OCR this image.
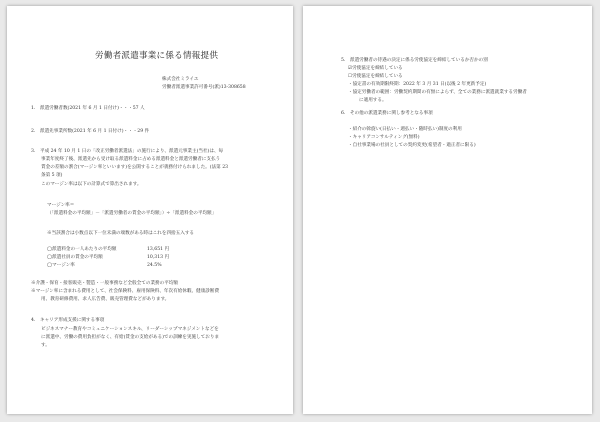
労働者派遣事業に係る情報提供
株式会社ミライエ
労働者派遣事業許可番号(派)13-308658
1.　派遣労働者数(2021 年 6 月 1 日付け)・・・57 人
2.　派遣先事業所数(2021 年 6 月 1 日付け)・・・29 件
3.　平成 24 年 10 月 1 日の「改正労働者派遣法」の施行により、派遣元事業主(当社)は、毎
事業年度終了後、派遣先から受け取る派遣料金に占める派遣料金と派遣労働者に支払う
賃金の差額の割合(マージン率といいます)を公開することが義務付けられました。(法第 23
条第 5 項)
このマージン率は以下の計算式で算出されます。
マージン率＝
（「派遣料金の平均額」－「派遣労働者の賃金の平均額」）÷「派遣料金の平均額」
※当該割合は小数点以下一位未満の端数がある時はこれを四捨五入する
◯派遣料金の一人あたりの平均額	13,651 円
◯派遣社員の賃金の平均額	10,313 円
◯マージン率	24.5%
※介護・保育・接客販売・製造・一般事務など全般全ての業務の平均額
※マージン率に含まれる費用として、社会保険料、雇用保険料、年次有給休暇、健康診断費
用、教育研修費用、求人広告費、販売管理費などがあります。
4.　キャリア形成支援に関する事項
ビジネスマナー教育やコミュニケーションスキル、リーダーシップマネジメントなどを
に派遣中、労働の費用負担がなく、有給(賃金の支給がある)での訓練を実施しておりま
す。
5.　派遣労働者の待遇の決定に係る労使協定を締結しているか否かの別
☑労使協定を締結している
☐労使協定を締結している
・協定書の有効期限終期：2022 年 3 月 31 日(以後 2 年更新予定)
・協定労働者の範囲：労働契約期間の有無によらず、全ての業務に派遣就業する労働者
に適用する。
6.　その他の派遣業務に関し参考となる事項
・紹介の斡旋い(日払い・週払い・随時払い)制度の利用
・キャリアコンサルティング(無料)
・自社事業場の社員としての契約変更(希望者・適正者に限る)
